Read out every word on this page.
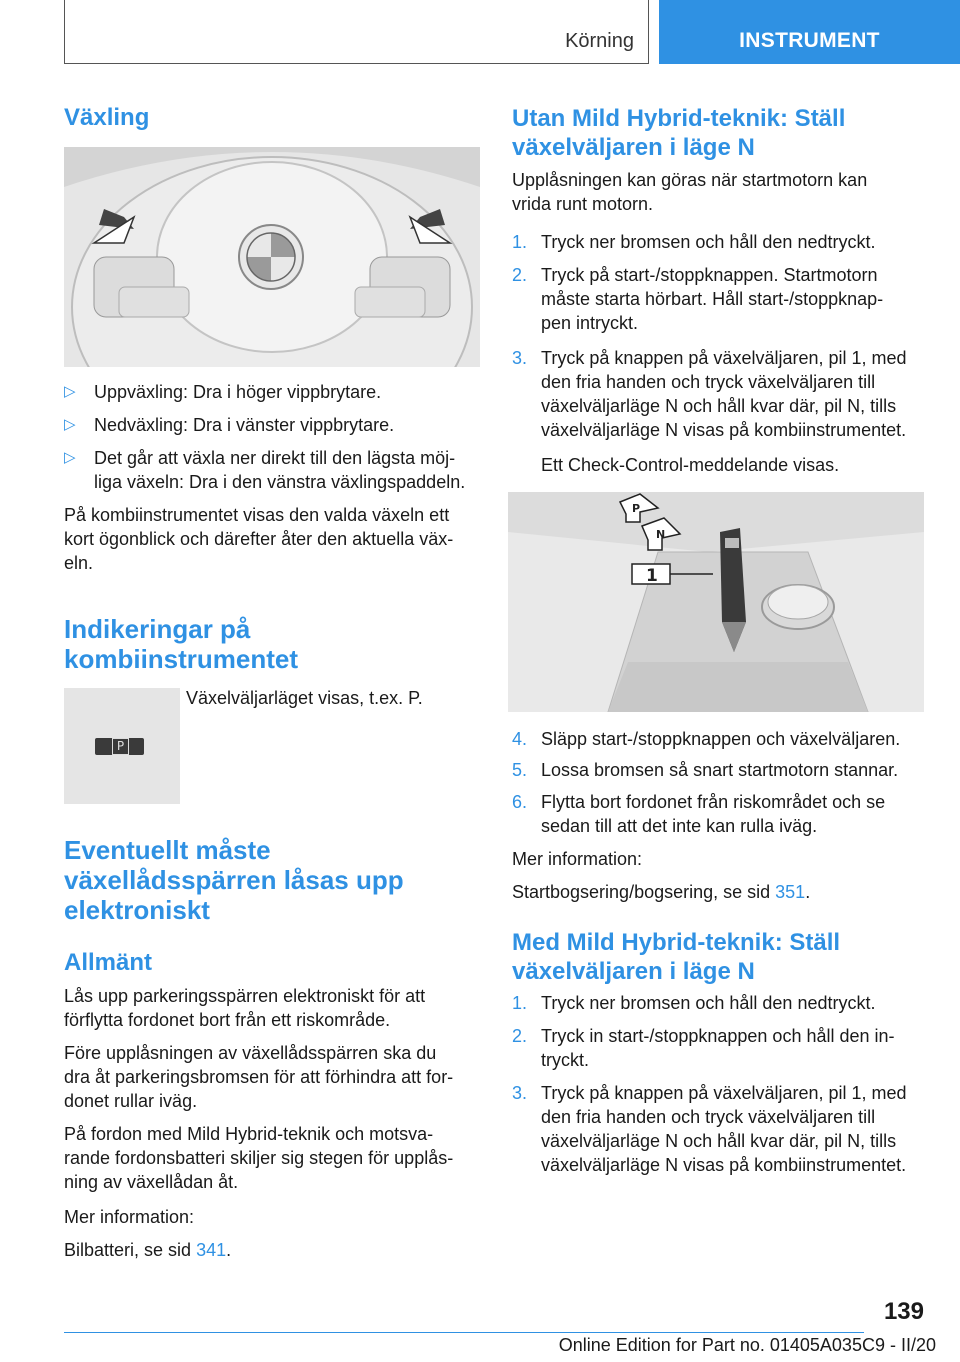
Körning	INSTRUMENT
Växling
▷ Uppväxling: Dra i höger vippbrytare.
▷ Nedväxling: Dra i vänster vippbrytare.
▷ Det går att växla ner direkt till den lägsta möj-
liga växeln: Dra i den vänstra växlingspaddeln.
På kombiinstrumentet visas den valda växeln ett
kort ögonblick och därefter åter den aktuella väx-
eln.
Indikeringar på
kombiinstrumentet
P
Växelväljarläget visas, t.ex. P.
Eventuellt måste
växellådsspärren låsas upp
elektroniskt
Allmänt
Lås upp parkeringsspärren elektroniskt för att
förflytta fordonet bort från ett riskområde.
Före upplåsningen av växellådsspärren ska du
dra åt parkeringsbromsen för att förhindra att for-
donet rullar iväg.
På fordon med Mild Hybrid-teknik och motsva-
rande fordonsbatteri skiljer sig stegen för upplås-
ning av växellådan åt.
Mer information:
Bilbatteri, se sid 341.
Utan Mild Hybrid-teknik: Ställ
växelväljaren i läge N
Upplåsningen kan göras när startmotorn kan
vrida runt motorn.
1. Tryck ner bromsen och håll den nedtryckt.
2. Tryck på start-/stoppknappen. Startmotorn
måste starta hörbart. Håll start-/stoppknap-
pen intryckt.
3. Tryck på knappen på växelväljaren, pil 1, med
den fria handen och tryck växelväljaren till
växelväljarläge N och håll kvar där, pil N, tills
växelväljarläge N visas på kombiinstrumentet.
Ett Check-Control-meddelande visas.
P
N
1
4. Släpp start-/stoppknappen och växelväljaren.
5. Lossa bromsen så snart startmotorn stannar.
6. Flytta bort fordonet från riskområdet och se
sedan till att det inte kan rulla iväg.
Mer information:
Startbogsering/bogsering, se sid 351.
Med Mild Hybrid-teknik: Ställ
växelväljaren i läge N
1. Tryck ner bromsen och håll den nedtryckt.
2. Tryck in start-/stoppknappen och håll den in-
tryckt.
3. Tryck på knappen på växelväljaren, pil 1, med
den fria handen och tryck växelväljaren till
växelväljarläge N och håll kvar där, pil N, tills
växelväljarläge N visas på kombiinstrumentet.
139
Online Edition for Part no. 01405A035C9 - II/20
